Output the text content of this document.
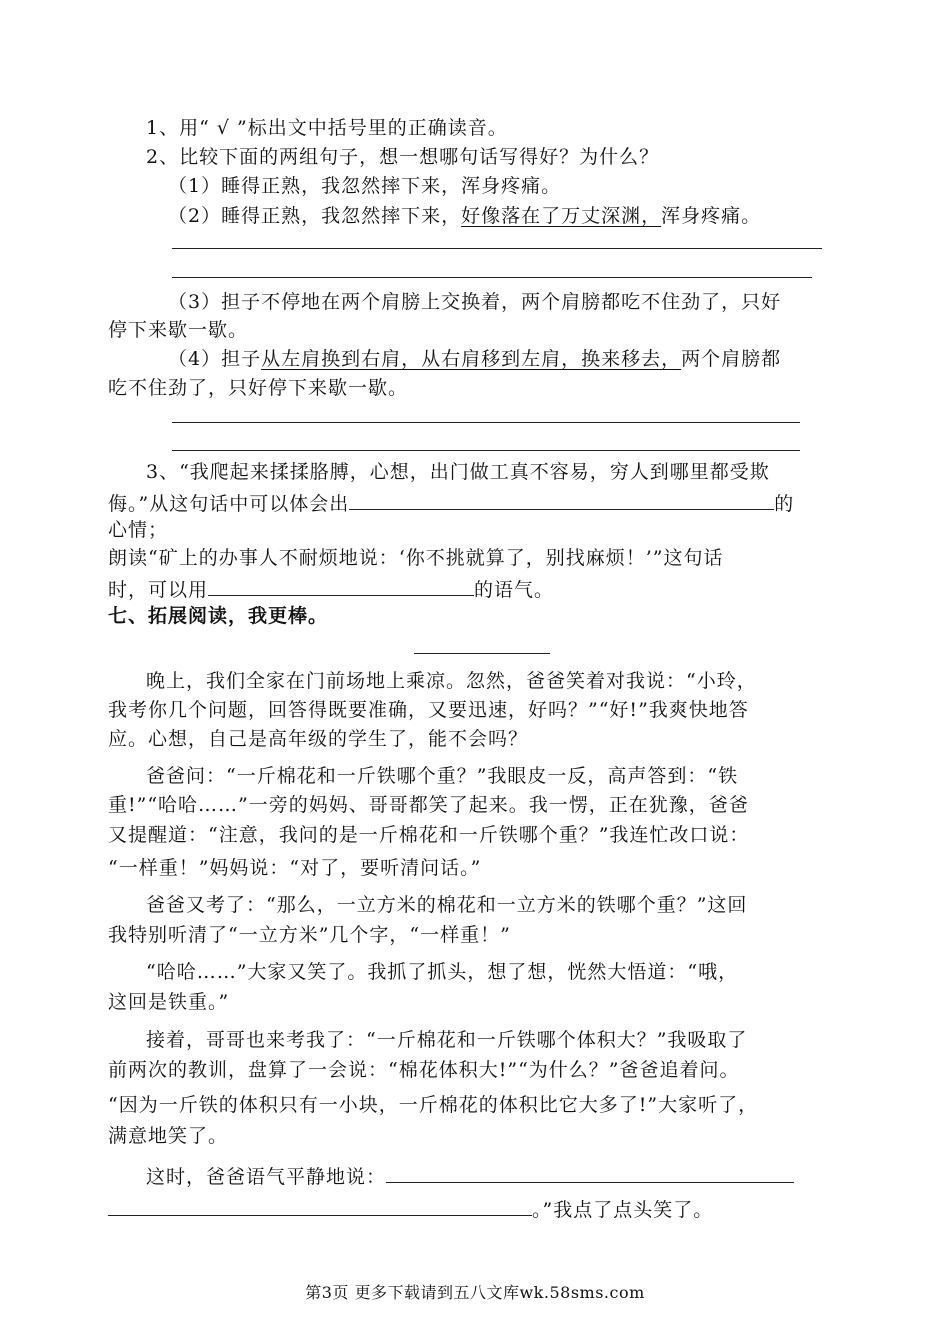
1、用“ √ ”标出文中括号里的正确读音。
2、比较下面的两组句子，想一想哪句话写得好？为什么？
（1）睡得正熟，我忽然摔下来，浑身疼痛。
（2）睡得正熟，我忽然摔下来，好像落在了万丈深渊，浑身疼痛。
（3）担子不停地在两个肩膀上交换着，两个肩膀都吃不住劲了，只好
停下来歇一歇。
（4）担子从左肩换到右肩，从右肩移到左肩，换来移去，两个肩膀都
吃不住劲了，只好停下来歇一歇。
3、“我爬起来揉揉胳膊，心想，出门做工真不容易，穷人到哪里都受欺
侮。”从这句话中可以体会出	的
心情；
朗读“矿上的办事人不耐烦地说：‘你不挑就算了，别找麻烦！’”这句话
时，可以用	的语气。
七、拓展阅读，我更棒。
晚上，我们全家在门前场地上乘凉。忽然，爸爸笑着对我说：“小玲，
我考你几个问题，回答得既要准确，又要迅速，好吗？”“好!”我爽快地答
应。心想，自己是高年级的学生了，能不会吗？
爸爸问：“一斤棉花和一斤铁哪个重？”我眼皮一反，高声答到：“铁
重!”“哈哈……”一旁的妈妈、哥哥都笑了起来。我一愣，正在犹豫，爸爸
又提醒道：“注意，我问的是一斤棉花和一斤铁哪个重？”我连忙改口说：
“一样重！”妈妈说：“对了，要听清问话。”
爸爸又考了：“那么，一立方米的棉花和一立方米的铁哪个重？”这回
我特别听清了“一立方米”几个字，“一样重！”
“哈哈……”大家又笑了。我抓了抓头，想了想，恍然大悟道：“哦，
这回是铁重。”
接着，哥哥也来考我了：“一斤棉花和一斤铁哪个体积大？”我吸取了
前两次的教训，盘算了一会说：“棉花体积大!”“为什么？”爸爸追着问。
“因为一斤铁的体积只有一小块，一斤棉花的体积比它大多了!”大家听了，
满意地笑了。
这时，爸爸语气平静地说：
。”我点了点头笑了。
第3页 更多下载请到五八文库wk.58sms.com
